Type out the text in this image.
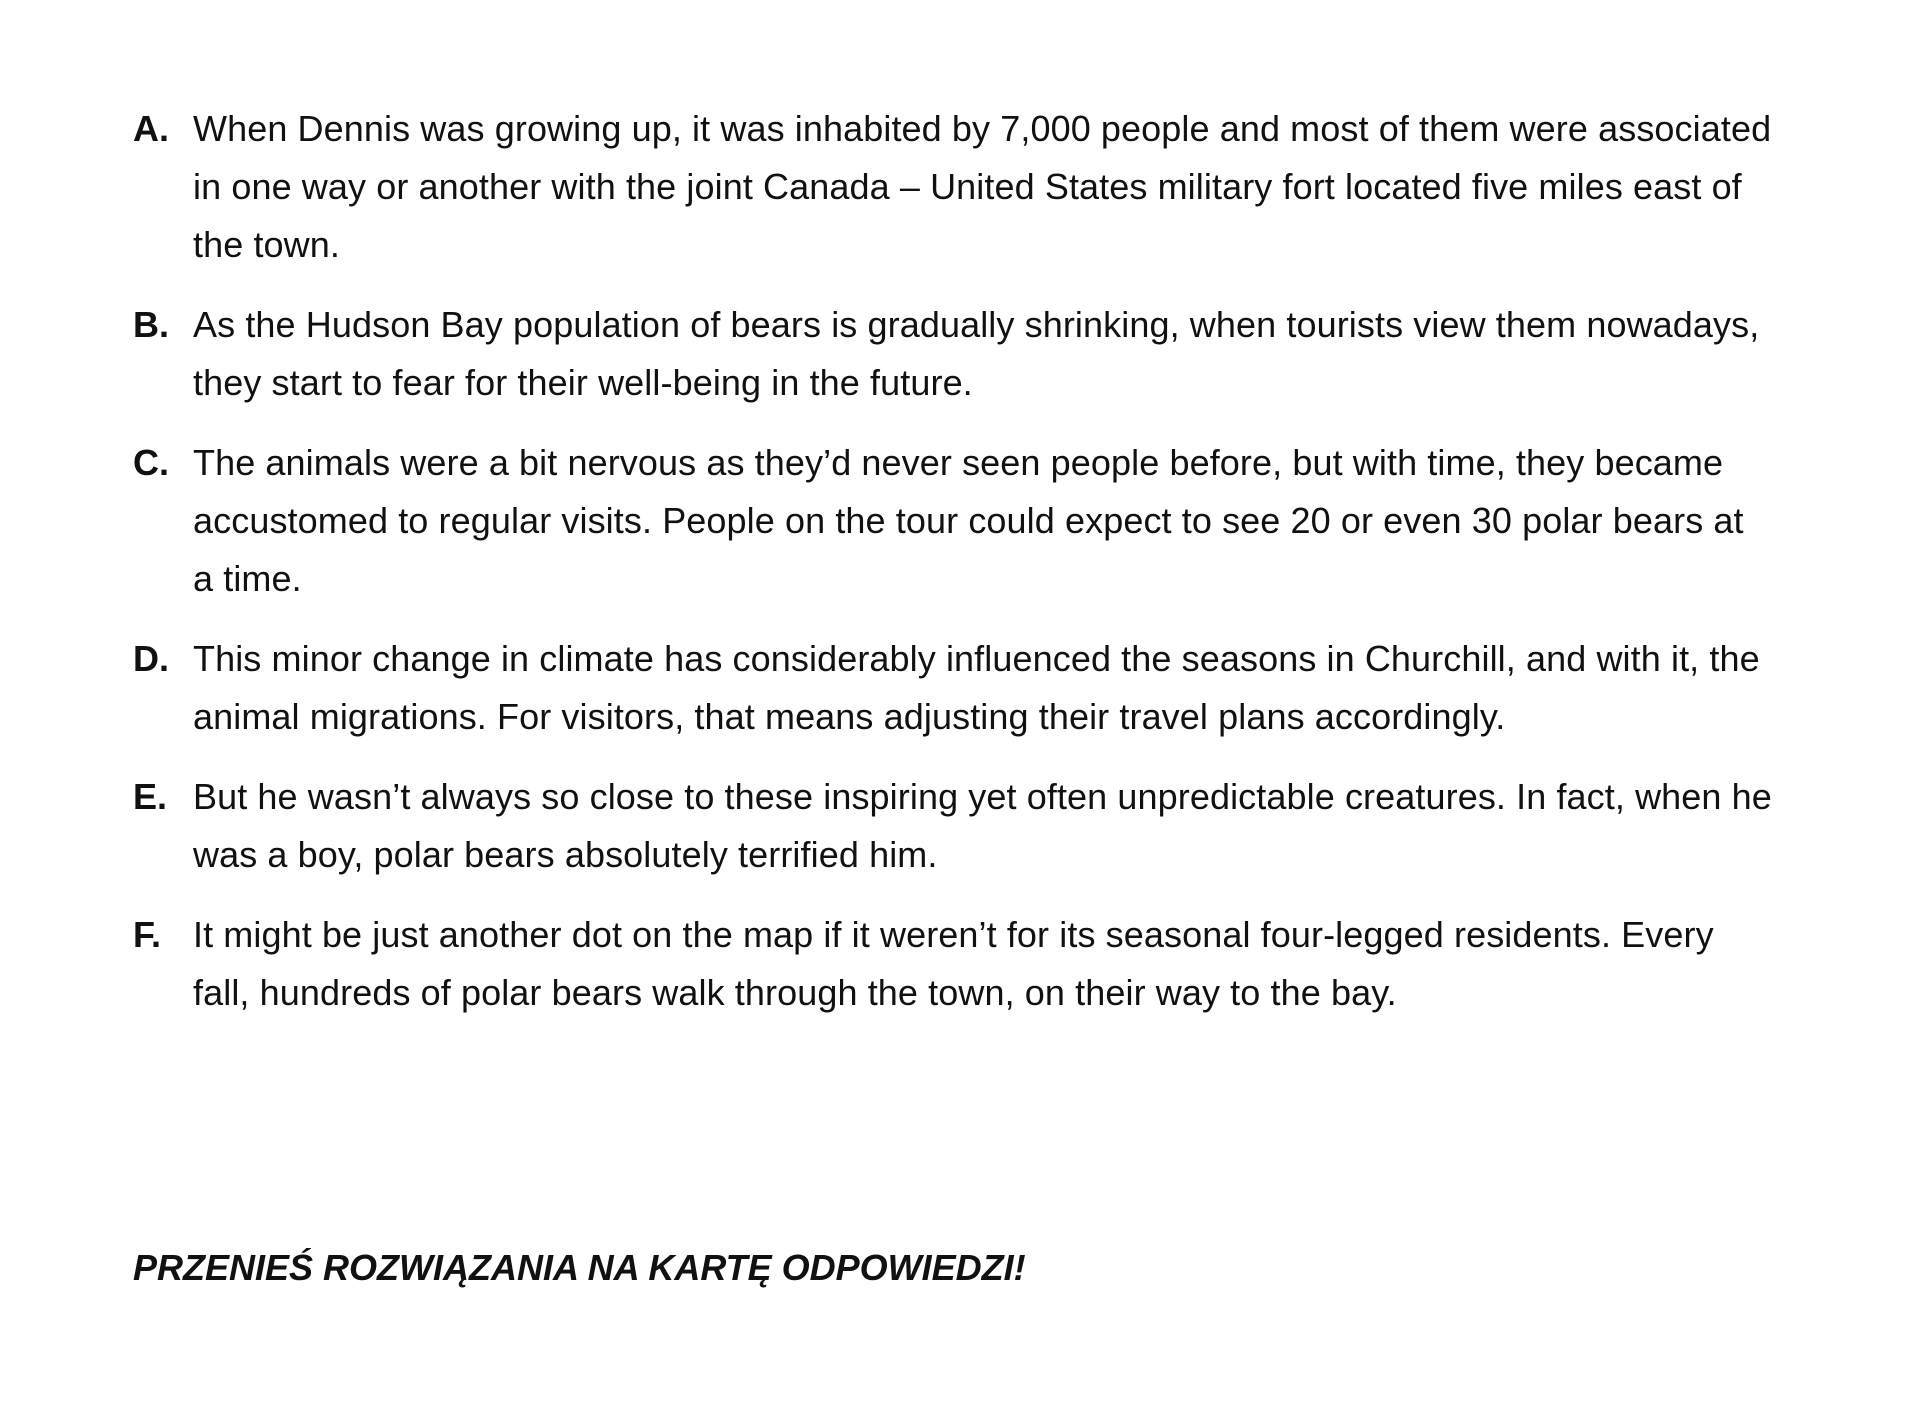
A. When Dennis was growing up, it was inhabited by 7,000 people and most of them were associated in one way or another with the joint Canada – United States military fort located five miles east of the town.
B. As the Hudson Bay population of bears is gradually shrinking, when tourists view them nowadays, they start to fear for their well-being in the future.
C. The animals were a bit nervous as they’d never seen people before, but with time, they became accustomed to regular visits. People on the tour could expect to see 20 or even 30 polar bears at a time.
D. This minor change in climate has considerably influenced the seasons in Churchill, and with it, the animal migrations. For visitors, that means adjusting their travel plans accordingly.
E. But he wasn’t always so close to these inspiring yet often unpredictable creatures. In fact, when he was a boy, polar bears absolutely terrified him.
F. It might be just another dot on the map if it weren’t for its seasonal four-legged residents. Every fall, hundreds of polar bears walk through the town, on their way to the bay.
PRZENIEŚ ROZWIĄZANIA NA KARTĘ ODPOWIEDZI!
